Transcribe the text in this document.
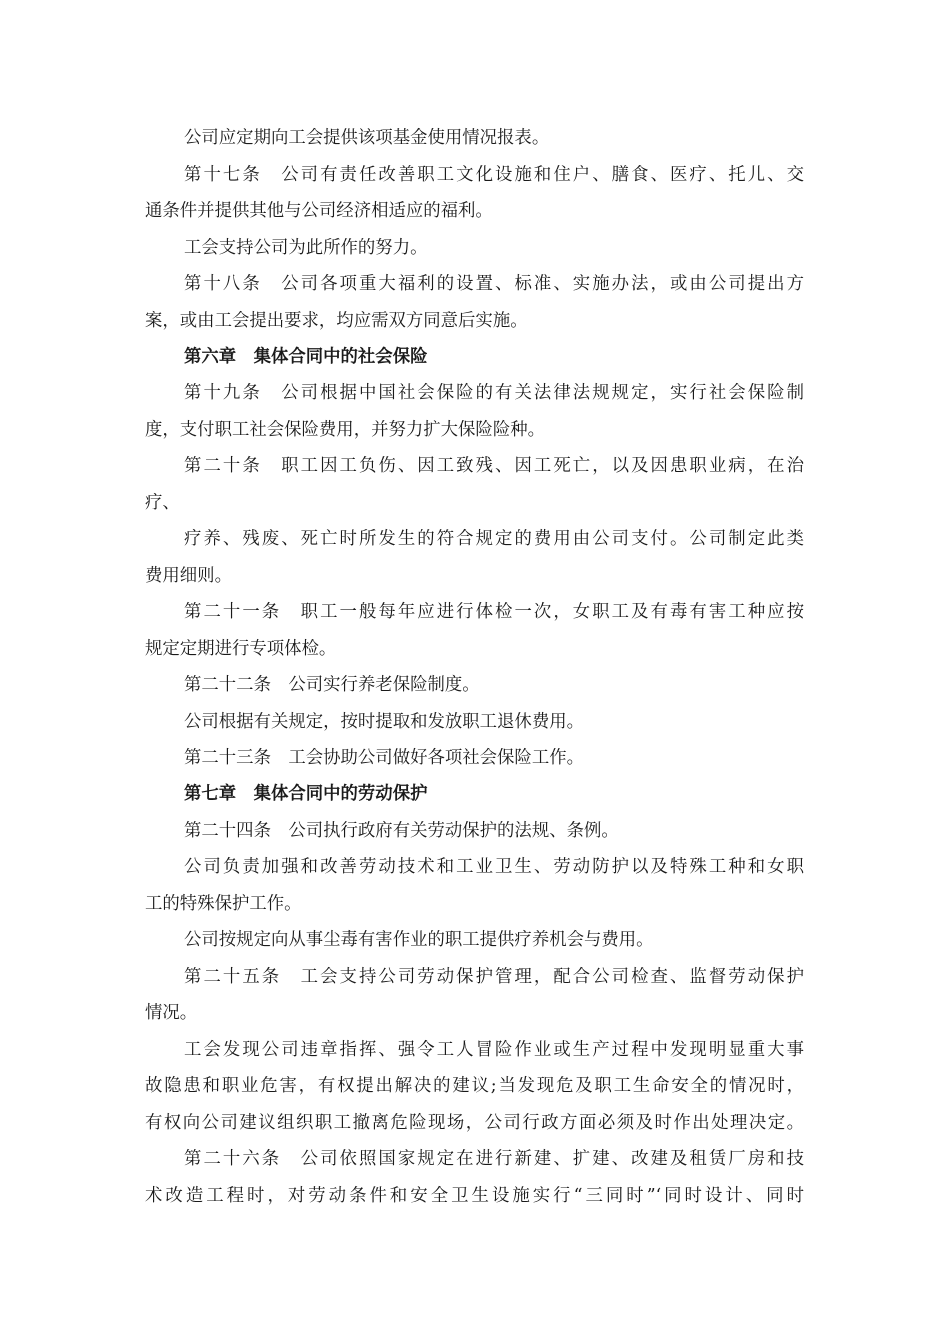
公司应定期向工会提供该项基金使用情况报表。
第十七条　公司有责任改善职工文化设施和住户、膳食、医疗、托儿、交
通条件并提供其他与公司经济相适应的福利。
工会支持公司为此所作的努力。
第十八条　公司各项重大福利的设置、标准、实施办法，或由公司提出方
案，或由工会提出要求，均应需双方同意后实施。
第六章　集体合同中的社会保险
第十九条　公司根据中国社会保险的有关法律法规规定，实行社会保险制
度，支付职工社会保险费用，并努力扩大保险险种。
第二十条　职工因工负伤、因工致残、因工死亡，以及因患职业病，在治
疗、
疗养、残废、死亡时所发生的符合规定的费用由公司支付。公司制定此类
费用细则。
第二十一条　职工一般每年应进行体检一次，女职工及有毒有害工种应按
规定定期进行专项体检。
第二十二条　公司实行养老保险制度。
公司根据有关规定，按时提取和发放职工退休费用。
第二十三条　工会协助公司做好各项社会保险工作。
第七章　集体合同中的劳动保护
第二十四条　公司执行政府有关劳动保护的法规、条例。
公司负责加强和改善劳动技术和工业卫生、劳动防护以及特殊工种和女职
工的特殊保护工作。
公司按规定向从事尘毒有害作业的职工提供疗养机会与费用。
第二十五条　工会支持公司劳动保护管理，配合公司检查、监督劳动保护
情况。
工会发现公司违章指挥、强令工人冒险作业或生产过程中发现明显重大事
故隐患和职业危害，有权提出解决的建议;当发现危及职工生命安全的情况时，
有权向公司建议组织职工撤离危险现场，公司行政方面必须及时作出处理决定。
第二十六条　公司依照国家规定在进行新建、扩建、改建及租赁厂房和技
术改造工程时，对劳动条件和安全卫生设施实行“三同时”‘同时设计、同时
